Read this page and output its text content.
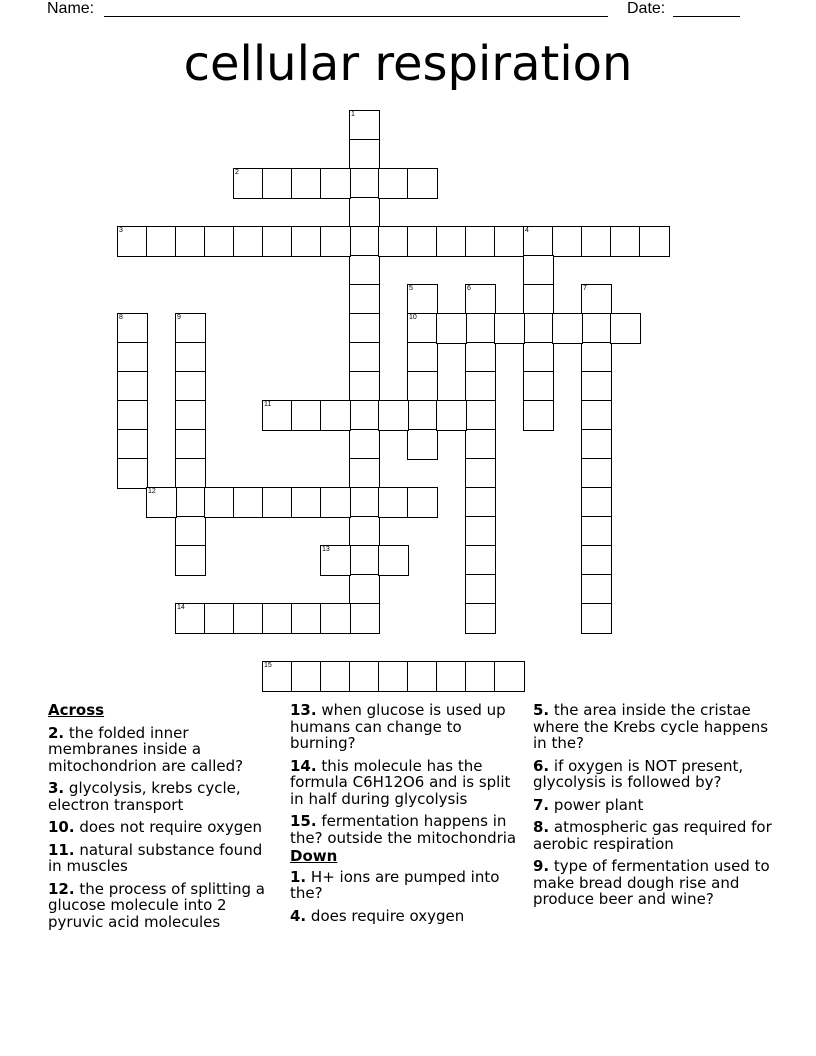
Name:	Date:
cellular respiration
1
2
3	4
5
10
6	7
8	9
11
12
13
14
15
Across
2. the folded inner membranes inside a mitochondrion are called?
3. glycolysis, krebs cycle, electron transport
10. does not require oxygen
11. natural substance found in muscles
12. the process of splitting a glucose molecule into 2 pyruvic acid molecules
13. when glucose is used up humans can change to burning?
14. this molecule has the formula C6H12O6 and is split in half during glycolysis
15. fermentation happens in the? outside the mitochondria
Down
1. H+ ions are pumped into the?
4. does require oxygen
5. the area inside the cristae where the Krebs cycle happens in the?
6. if oxygen is NOT present, glycolysis is followed by?
7. power plant
8. atmospheric gas required for aerobic respiration
9. type of fermentation used to make bread dough rise and produce beer and wine?
